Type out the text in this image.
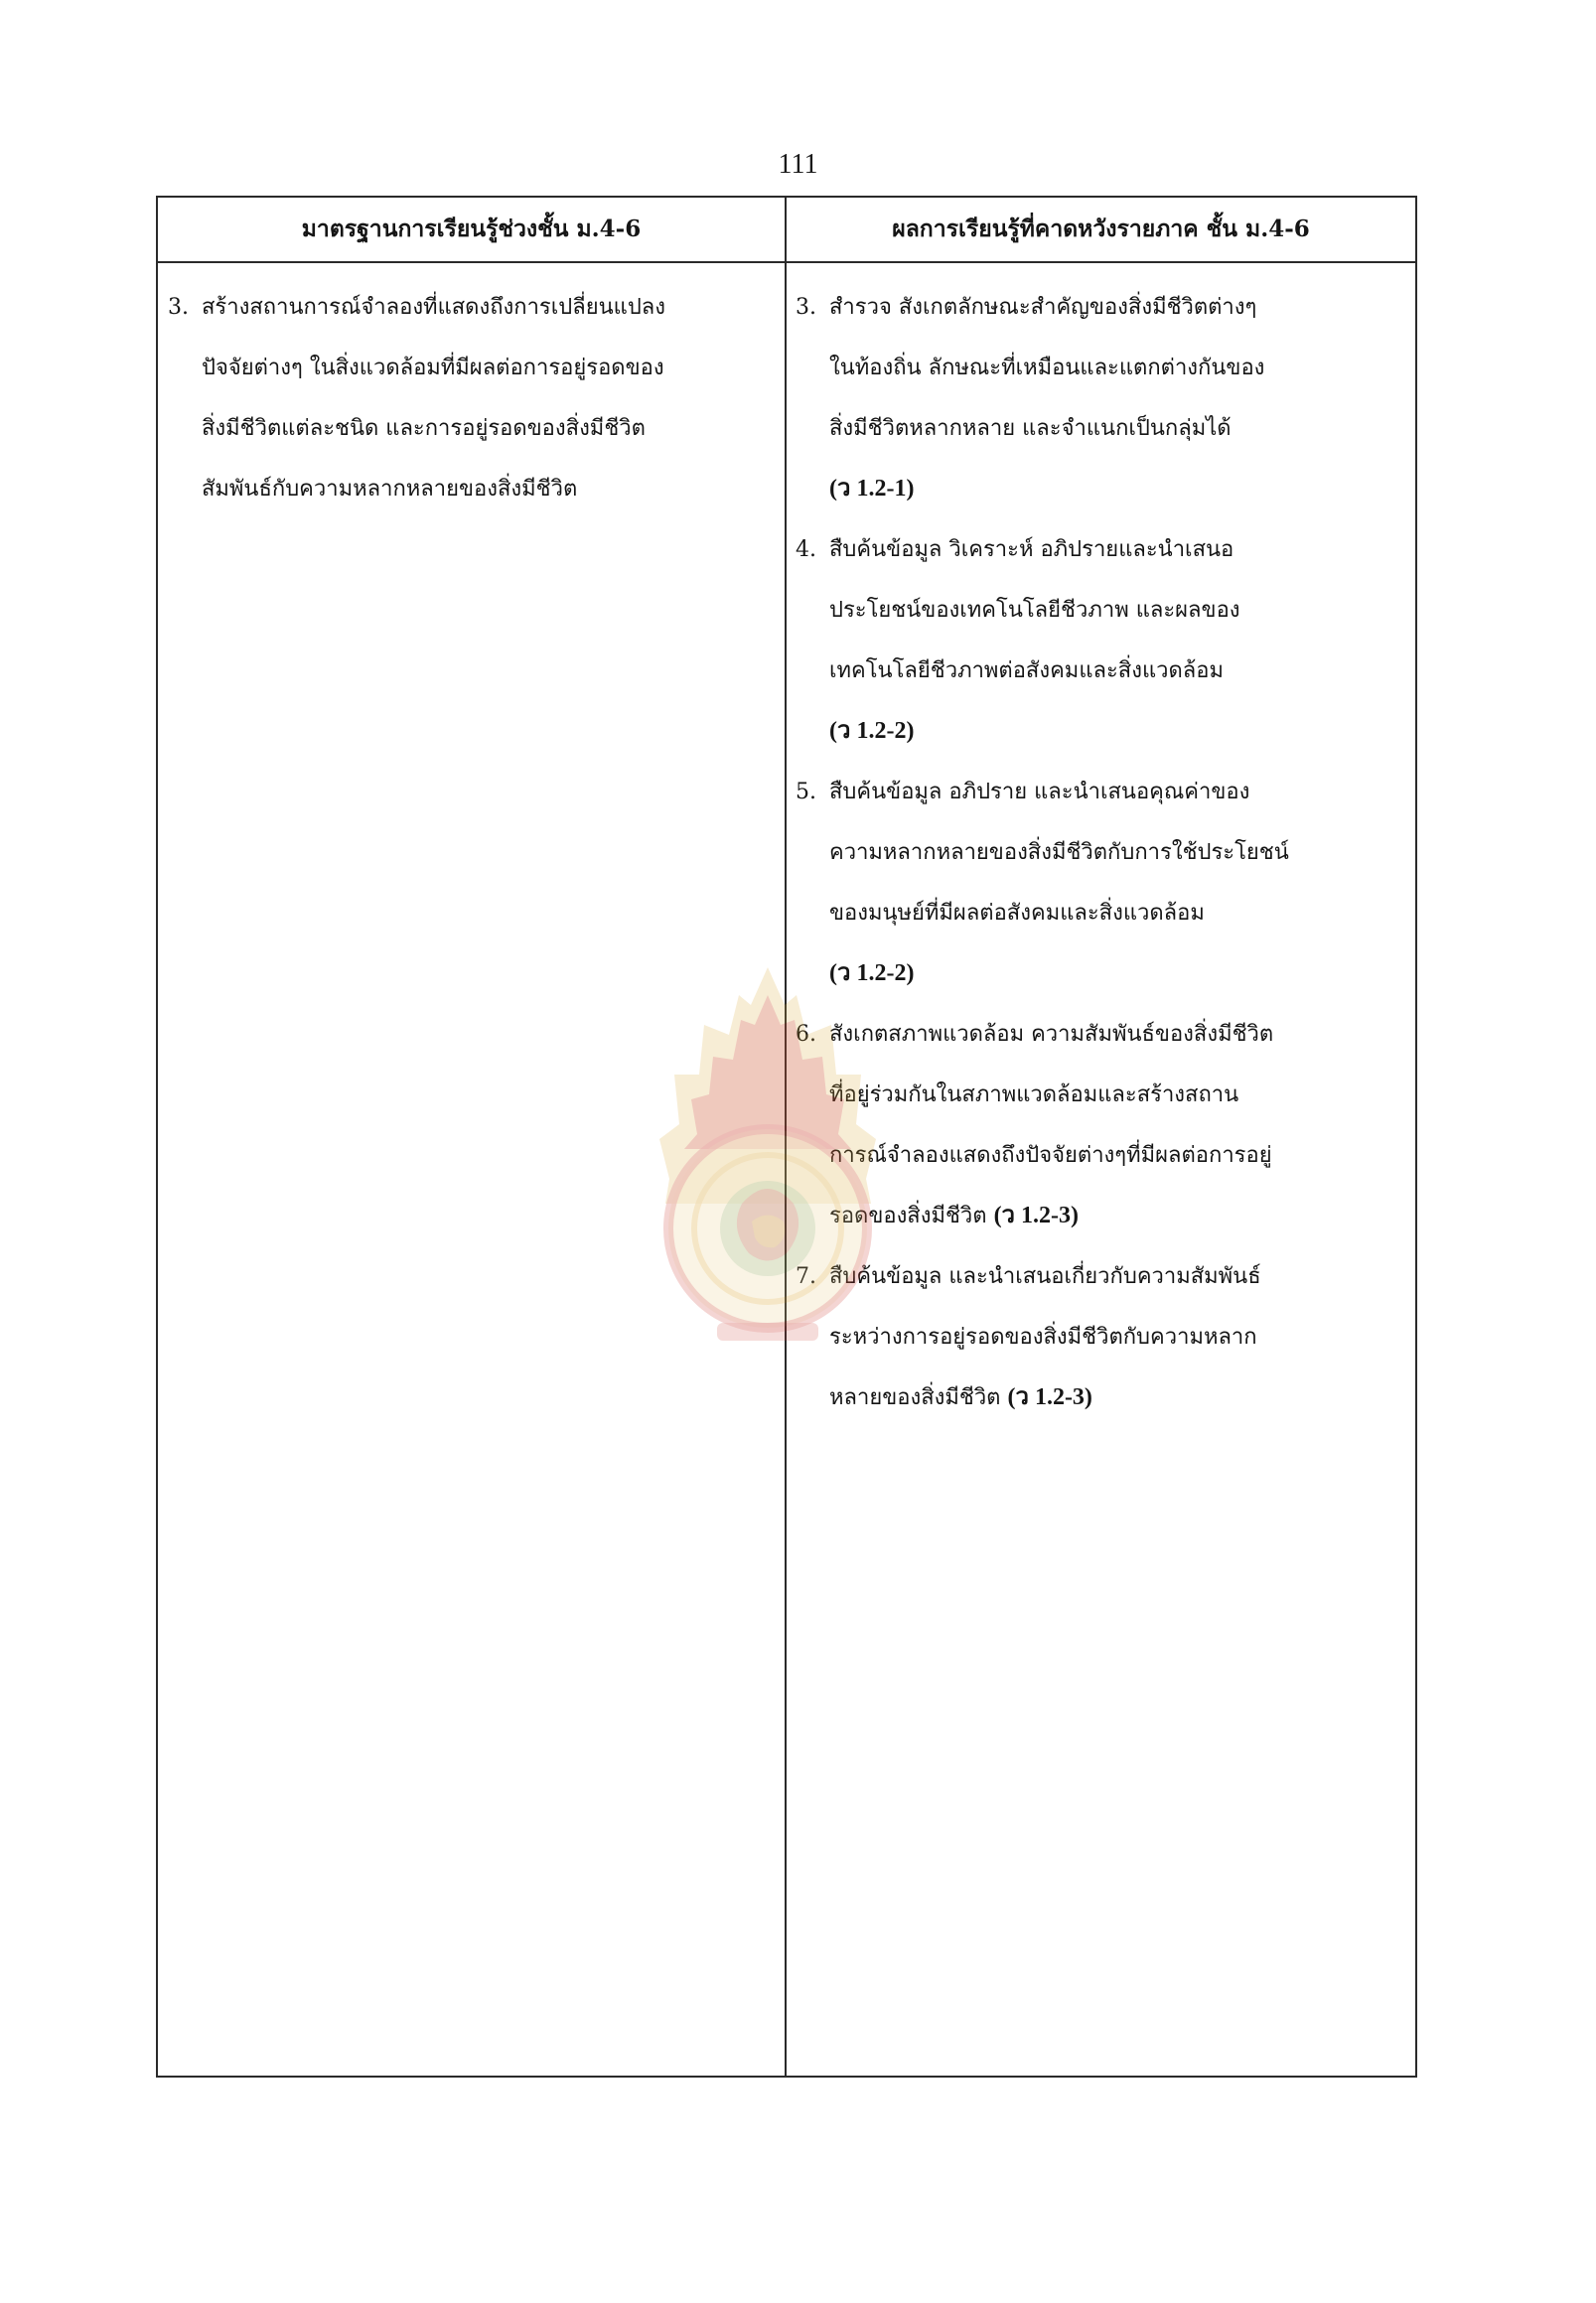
111
มาตรฐานการเรียนรู้ช่วงชั้น ม.4-6	ผลการเรียนรู้ที่คาดหวังรายภาค ชั้น ม.4-6
3. สร้างสถานการณ์จำลองที่แสดงถึงการเปลี่ยนแปลง
ปัจจัยต่างๆ ในสิ่งแวดล้อมที่มีผลต่อการอยู่รอดของ
สิ่งมีชีวิตแต่ละชนิด และการอยู่รอดของสิ่งมีชีวิต
สัมพันธ์กับความหลากหลายของสิ่งมีชีวิต
3. สำรวจ สังเกตลักษณะสำคัญของสิ่งมีชีวิตต่างๆ
ในท้องถิ่น ลักษณะที่เหมือนและแตกต่างกันของ
สิ่งมีชีวิตหลากหลาย และจำแนกเป็นกลุ่มได้
(ว 1.2-1)
4. สืบค้นข้อมูล วิเคราะห์ อภิปรายและนำเสนอ
ประโยชน์ของเทคโนโลยีชีวภาพ และผลของ
เทคโนโลยีชีวภาพต่อสังคมและสิ่งแวดล้อม
(ว 1.2-2)
5. สืบค้นข้อมูล อภิปราย และนำเสนอคุณค่าของ
ความหลากหลายของสิ่งมีชีวิตกับการใช้ประโยชน์
ของมนุษย์ที่มีผลต่อสังคมและสิ่งแวดล้อม
(ว 1.2-2)
6. สังเกตสภาพแวดล้อม ความสัมพันธ์ของสิ่งมีชีวิต
ที่อยู่ร่วมกันในสภาพแวดล้อมและสร้างสถาน
การณ์จำลองแสดงถึงปัจจัยต่างๆที่มีผลต่อการอยู่
รอดของสิ่งมีชีวิต (ว 1.2-3)
7. สืบค้นข้อมูล และนำเสนอเกี่ยวกับความสัมพันธ์
ระหว่างการอยู่รอดของสิ่งมีชีวิตกับความหลาก
หลายของสิ่งมีชีวิต (ว 1.2-3)
